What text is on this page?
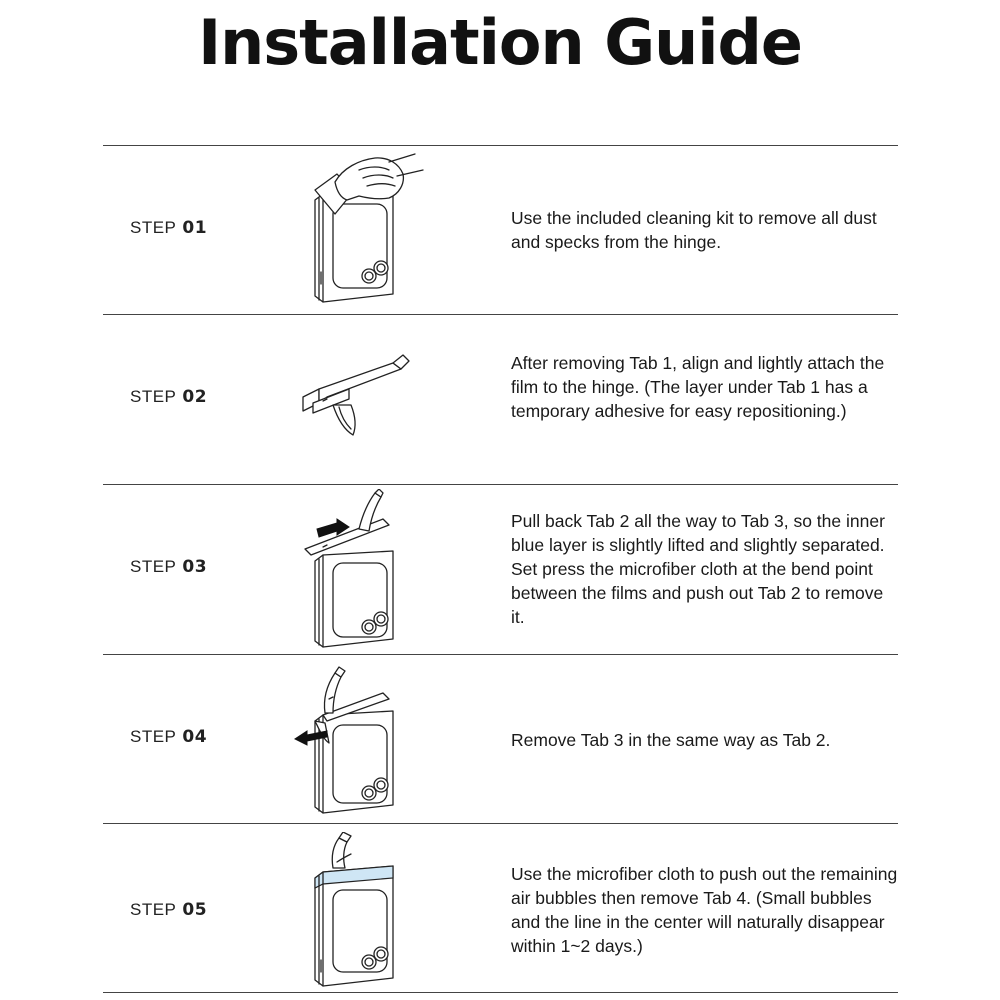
Installation Guide
STEP 01	Use the included cleaning kit to remove all dust and specks from the hinge.

STEP 02

After removing Tab 1, align and lightly attach the film to the hinge. (The layer under Tab 1 has a temporary adhesive for easy repositioning.)

STEP 03

Pull back Tab 2 all the way to Tab 3, so the inner blue layer is slightly lifted and slightly separated. Set press the microfiber cloth at the bend point between the films and push out Tab 2 to remove it.

STEP 04	Remove Tab 3 in the same way as Tab 2.

STEP 05

Use the microfiber cloth to push out the remaining air bubbles then remove Tab 4. (Small bubbles and the line in the center will naturally disappear within 1~2 days.)
